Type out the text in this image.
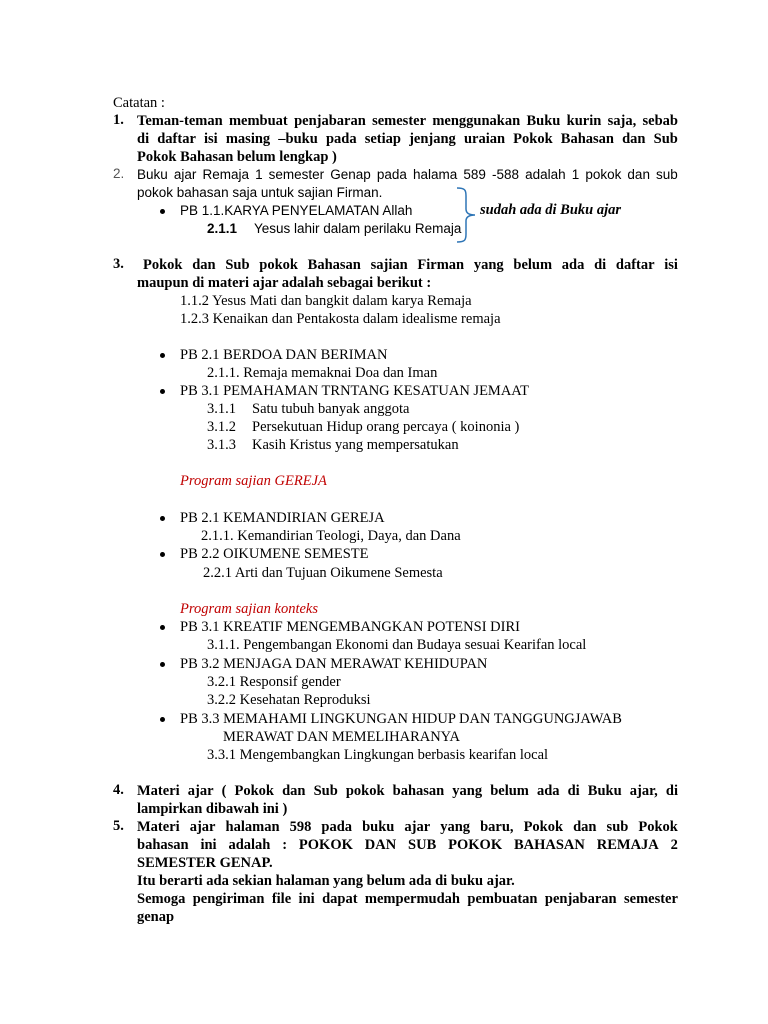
Catatan :
1. Teman-teman membuat penjabaran semester menggunakan Buku kurin saja, sebab
di daftar isi masing –buku pada setiap jenjang uraian Pokok Bahasan dan Sub
Pokok Bahasan belum lengkap )
2. Buku ajar Remaja 1 semester Genap pada halama 589 -588 adalah 1 pokok dan sub
pokok bahasan saja untuk sajian Firman.
PB 1.1.KARYA PENYELAMATAN Allah
2.1.1 Yesus lahir dalam perilaku Remaja
sudah ada di Buku ajar
3. Pokok dan Sub pokok Bahasan sajian Firman yang belum ada di daftar isi
maupun di materi ajar adalah sebagai berikut :
1.1.2 Yesus Mati dan bangkit dalam karya Remaja
1.2.3 Kenaikan dan Pentakosta dalam idealisme remaja
PB 2.1 BERDOA DAN BERIMAN
2.1.1. Remaja memaknai Doa dan Iman
PB 3.1 PEMAHAMAN TRNTANG KESATUAN JEMAAT
3.1.1 Satu tubuh banyak anggota
3.1.2 Persekutuan Hidup orang percaya ( koinonia )
3.1.3 Kasih Kristus yang mempersatukan
Program sajian GEREJA
PB 2.1 KEMANDIRIAN GEREJA
2.1.1. Kemandirian Teologi, Daya, dan Dana
PB 2.2 OIKUMENE SEMESTE
2.2.1 Arti dan Tujuan Oikumene Semesta
Program sajian konteks
PB 3.1 KREATIF MENGEMBANGKAN POTENSI DIRI
3.1.1. Pengembangan Ekonomi dan Budaya sesuai Kearifan local
PB 3.2 MENJAGA DAN MERAWAT KEHIDUPAN
3.2.1 Responsif gender
3.2.2 Kesehatan Reproduksi
PB 3.3 MEMAHAMI LINGKUNGAN HIDUP DAN TANGGUNGJAWAB
MERAWAT DAN MEMELIHARANYA
3.3.1 Mengembangkan Lingkungan berbasis kearifan local
4. Materi ajar ( Pokok dan Sub pokok bahasan yang belum ada di Buku ajar, di
lampirkan dibawah ini )
5. Materi ajar halaman 598 pada buku ajar yang baru, Pokok dan sub Pokok
bahasan ini adalah : POKOK DAN SUB POKOK BAHASAN REMAJA 2
SEMESTER GENAP.
Itu berarti ada sekian halaman yang belum ada di buku ajar.
Semoga pengiriman file ini dapat mempermudah pembuatan penjabaran semester
genap
